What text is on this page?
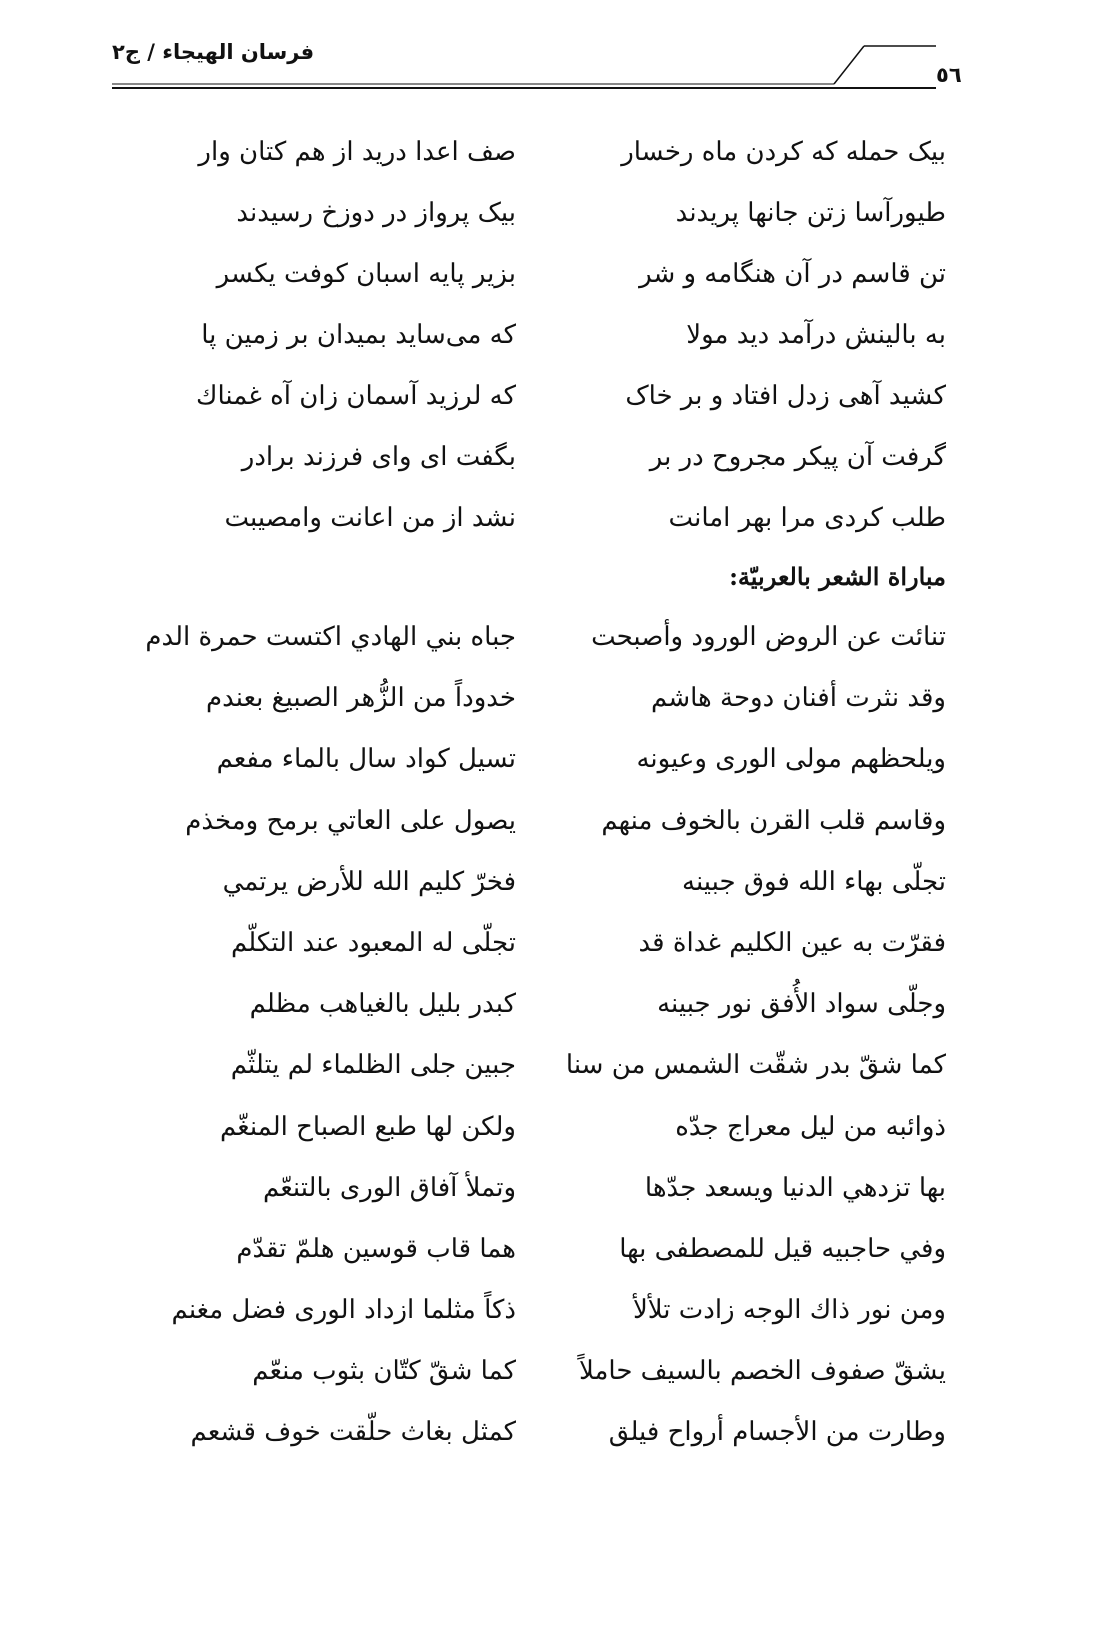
فرسان الهيجاء / ج۲
٥٦
بیک حمله که کردن ماه رخسار
صف اعدا درید از هم کتان وار
طیورآسا زتن جانها پریدند
بیک پرواز در دوزخ رسیدند
تن قاسم در آن هنگامه و شر
بزیر پایه اسبان کوفت یکسر
به بالینش درآمد دید مولا
که می‌ساید بمیدان بر زمین پا
کشید آهی زدل افتاد و بر خاک
که لرزید آسمان زان آه غمناك
گرفت آن پیکر مجروح در بر
بگفت ای وای فرزند برادر
طلب کردی مرا بهر امانت
نشد از من اعانت وامصیبت
مباراة الشعر بالعربيّة:
تنائت عن الروض الورود وأصبحت
جباه بني الهادي اكتست حمرة الدم
وقد نثرت أفنان دوحة هاشم
خدوداً من الزُّهر الصبيغ بعندم
ويلحظهم مولى الورى وعيونه
تسيل كواد سال بالماء مفعم
وقاسم قلب القرن بالخوف منهم
يصول على العاتي برمح ومخذم
تجلّى بهاء الله فوق جبينه
فخرّ كليم الله للأرض يرتمي
فقرّت به عين الكليم غداة قد
تجلّى له المعبود عند التكلّم
وجلّى سواد الأُفق نور جبينه
كبدر بليل بالغياهب مظلم
كما شقّ بدر شقّت الشمس من سنا
جبين جلى الظلماء لم يتلثّم
ذوائبه من ليل معراج جدّه
ولكن لها طبع الصباح المنغّم
بها تزدهي الدنيا ويسعد جدّها
وتملأ آفاق الورى بالتنعّم
وفي حاجبيه قيل للمصطفى بها
هما قاب قوسين هلمّ تقدّم
ومن نور ذاك الوجه زادت تلألأ
ذكاً مثلما ازداد الورى فضل مغنم
يشقّ صفوف الخصم بالسيف حاملاً
كما شقّ كتّان بثوب منعّم
وطارت من الأجسام أرواح فيلق
كمثل بغاث حلّقت خوف قشعم
